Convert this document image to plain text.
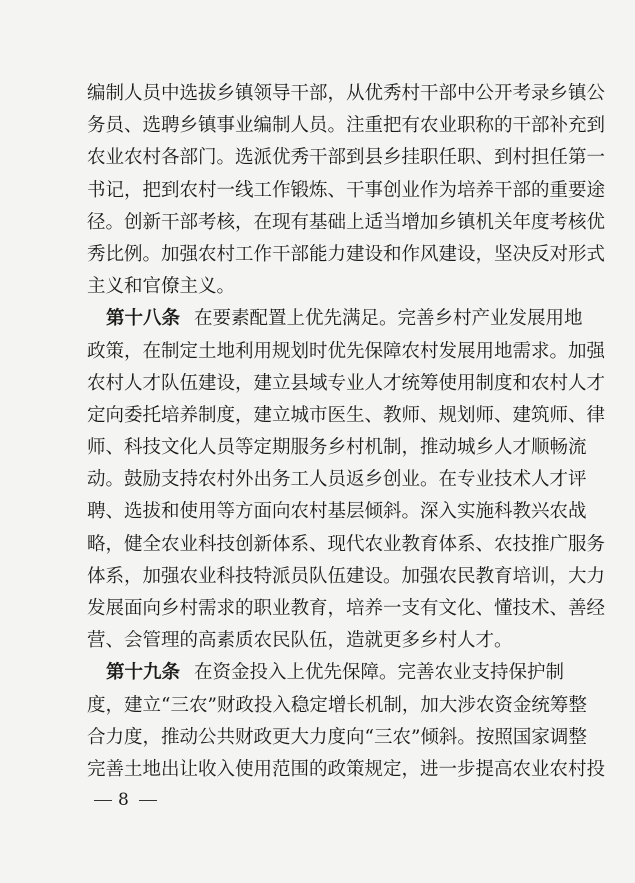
编制人员中选拔乡镇领导干部，从优秀村干部中公开考录乡镇公
务员、选聘乡镇事业编制人员。注重把有农业职称的干部补充到
农业农村各部门。选派优秀干部到县乡挂职任职、到村担任第一
书记，把到农村一线工作锻炼、干事创业作为培养干部的重要途
径。创新干部考核，在现有基础上适当增加乡镇机关年度考核优
秀比例。加强农村工作干部能力建设和作风建设，坚决反对形式
主义和官僚主义。
第十八条 在要素配置上优先满足。完善乡村产业发展用地
政策，在制定土地利用规划时优先保障农村发展用地需求。加强
农村人才队伍建设，建立县域专业人才统筹使用制度和农村人才
定向委托培养制度，建立城市医生、教师、规划师、建筑师、律
师、科技文化人员等定期服务乡村机制，推动城乡人才顺畅流
动。鼓励支持农村外出务工人员返乡创业。在专业技术人才评
聘、选拔和使用等方面向农村基层倾斜。深入实施科教兴农战
略，健全农业科技创新体系、现代农业教育体系、农技推广服务
体系，加强农业科技特派员队伍建设。加强农民教育培训，大力
发展面向乡村需求的职业教育，培养一支有文化、懂技术、善经
营、会管理的高素质农民队伍，造就更多乡村人才。
第十九条 在资金投入上优先保障。完善农业支持保护制
度，建立“三农”财政投入稳定增长机制，加大涉农资金统筹整
合力度，推动公共财政更大力度向“三农”倾斜。按照国家调整
完善土地出让收入使用范围的政策规定，进一步提高农业农村投
8
